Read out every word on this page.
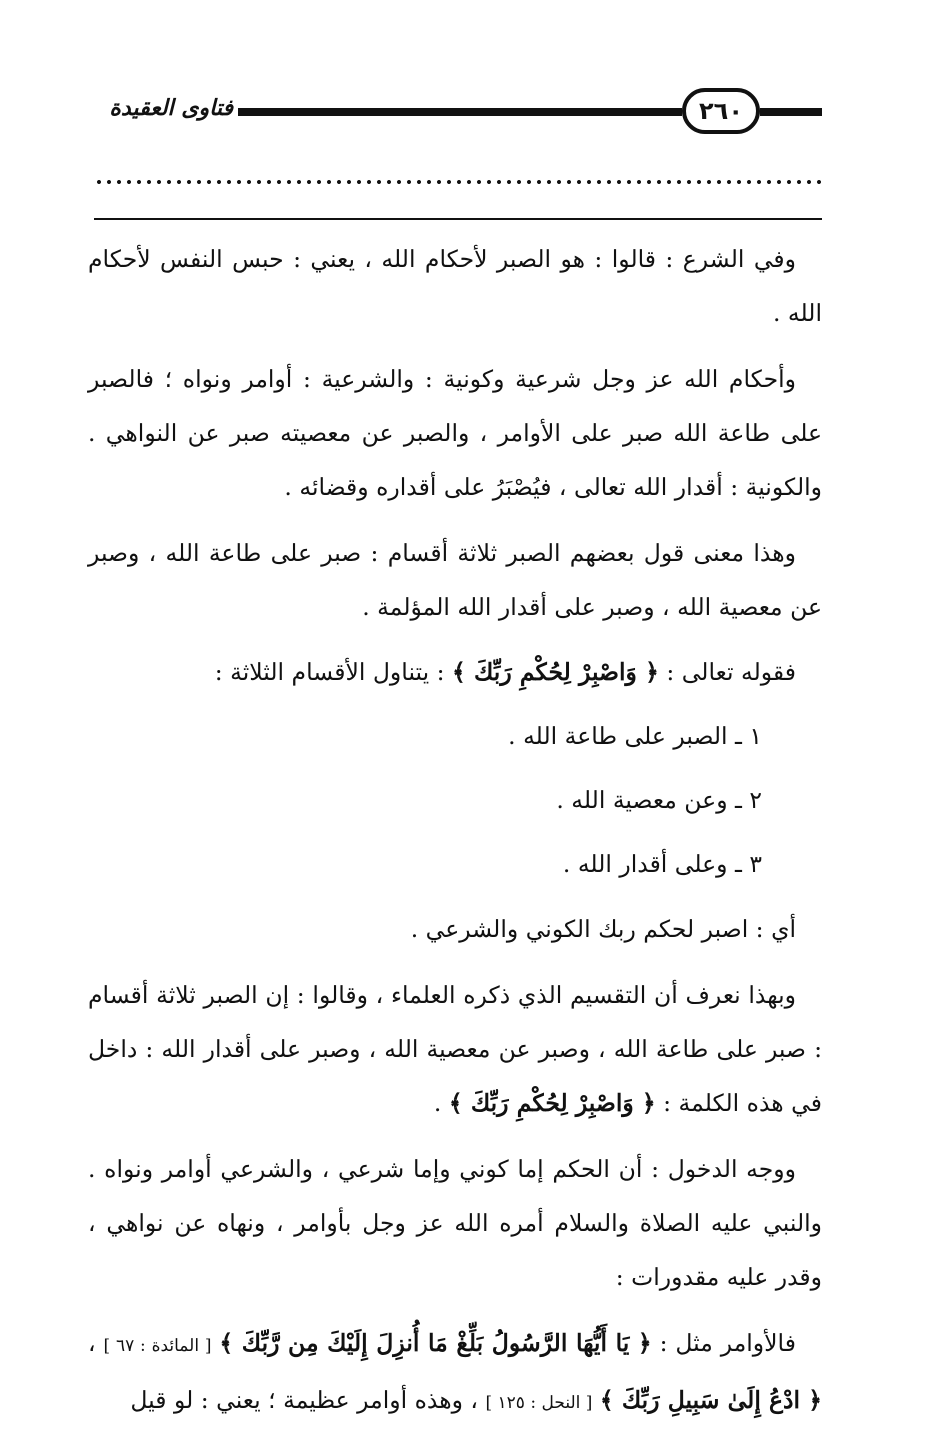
فتاوى العقيدة	٢٦٠

وفي الشرع : قالوا : هو الصبر لأحكام الله ، يعني : حبس النفس لأحكام الله .

وأحكام الله عز وجل شرعية وكونية : والشرعية : أوامر ونواه ؛ فالصبر على طاعة الله صبر على الأوامر ، والصبر عن معصيته صبر عن النواهي . والكونية : أقدار الله تعالى ، فيُصْبَرُ على أقداره وقضائه .

وهذا معنى قول بعضهم الصبر ثلاثة أقسام : صبر على طاعة الله ، وصبر عن معصية الله ، وصبر على أقدار الله المؤلمة .

فقوله تعالى : ﴿ وَاصْبِرْ لِحُكْمِ رَبِّكَ ﴾ : يتناول الأقسام الثلاثة :

١ ـ الصبر على طاعة الله .

٢ ـ وعن معصية الله .

٣ ـ وعلى أقدار الله .

أي : اصبر لحكم ربك الكوني والشرعي .

وبهذا نعرف أن التقسيم الذي ذكره العلماء ، وقالوا : إن الصبر ثلاثة أقسام : صبر على طاعة الله ، وصبر عن معصية الله ، وصبر على أقدار الله : داخل في هذه الكلمة : ﴿ وَاصْبِرْ لِحُكْمِ رَبِّكَ ﴾ .

ووجه الدخول : أن الحكم إما كوني وإما شرعي ، والشرعي أوامر ونواه . والنبي عليه الصلاة والسلام أمره الله عز وجل بأوامر ، ونهاه عن نواهي ، وقدر عليه مقدورات :

فالأوامر مثل : ﴿ يَا أَيُّهَا الرَّسُولُ بَلِّغْ مَا أُنزِلَ إِلَيْكَ مِن رَّبِّكَ ﴾ [ المائدة : ٦٧ ] ، ﴿ ادْعُ إِلَىٰ سَبِيلِ رَبِّكَ ﴾ [ النحل : ١٢٥ ] ، وهذه أوامر عظيمة ؛ يعني : لو قيل
